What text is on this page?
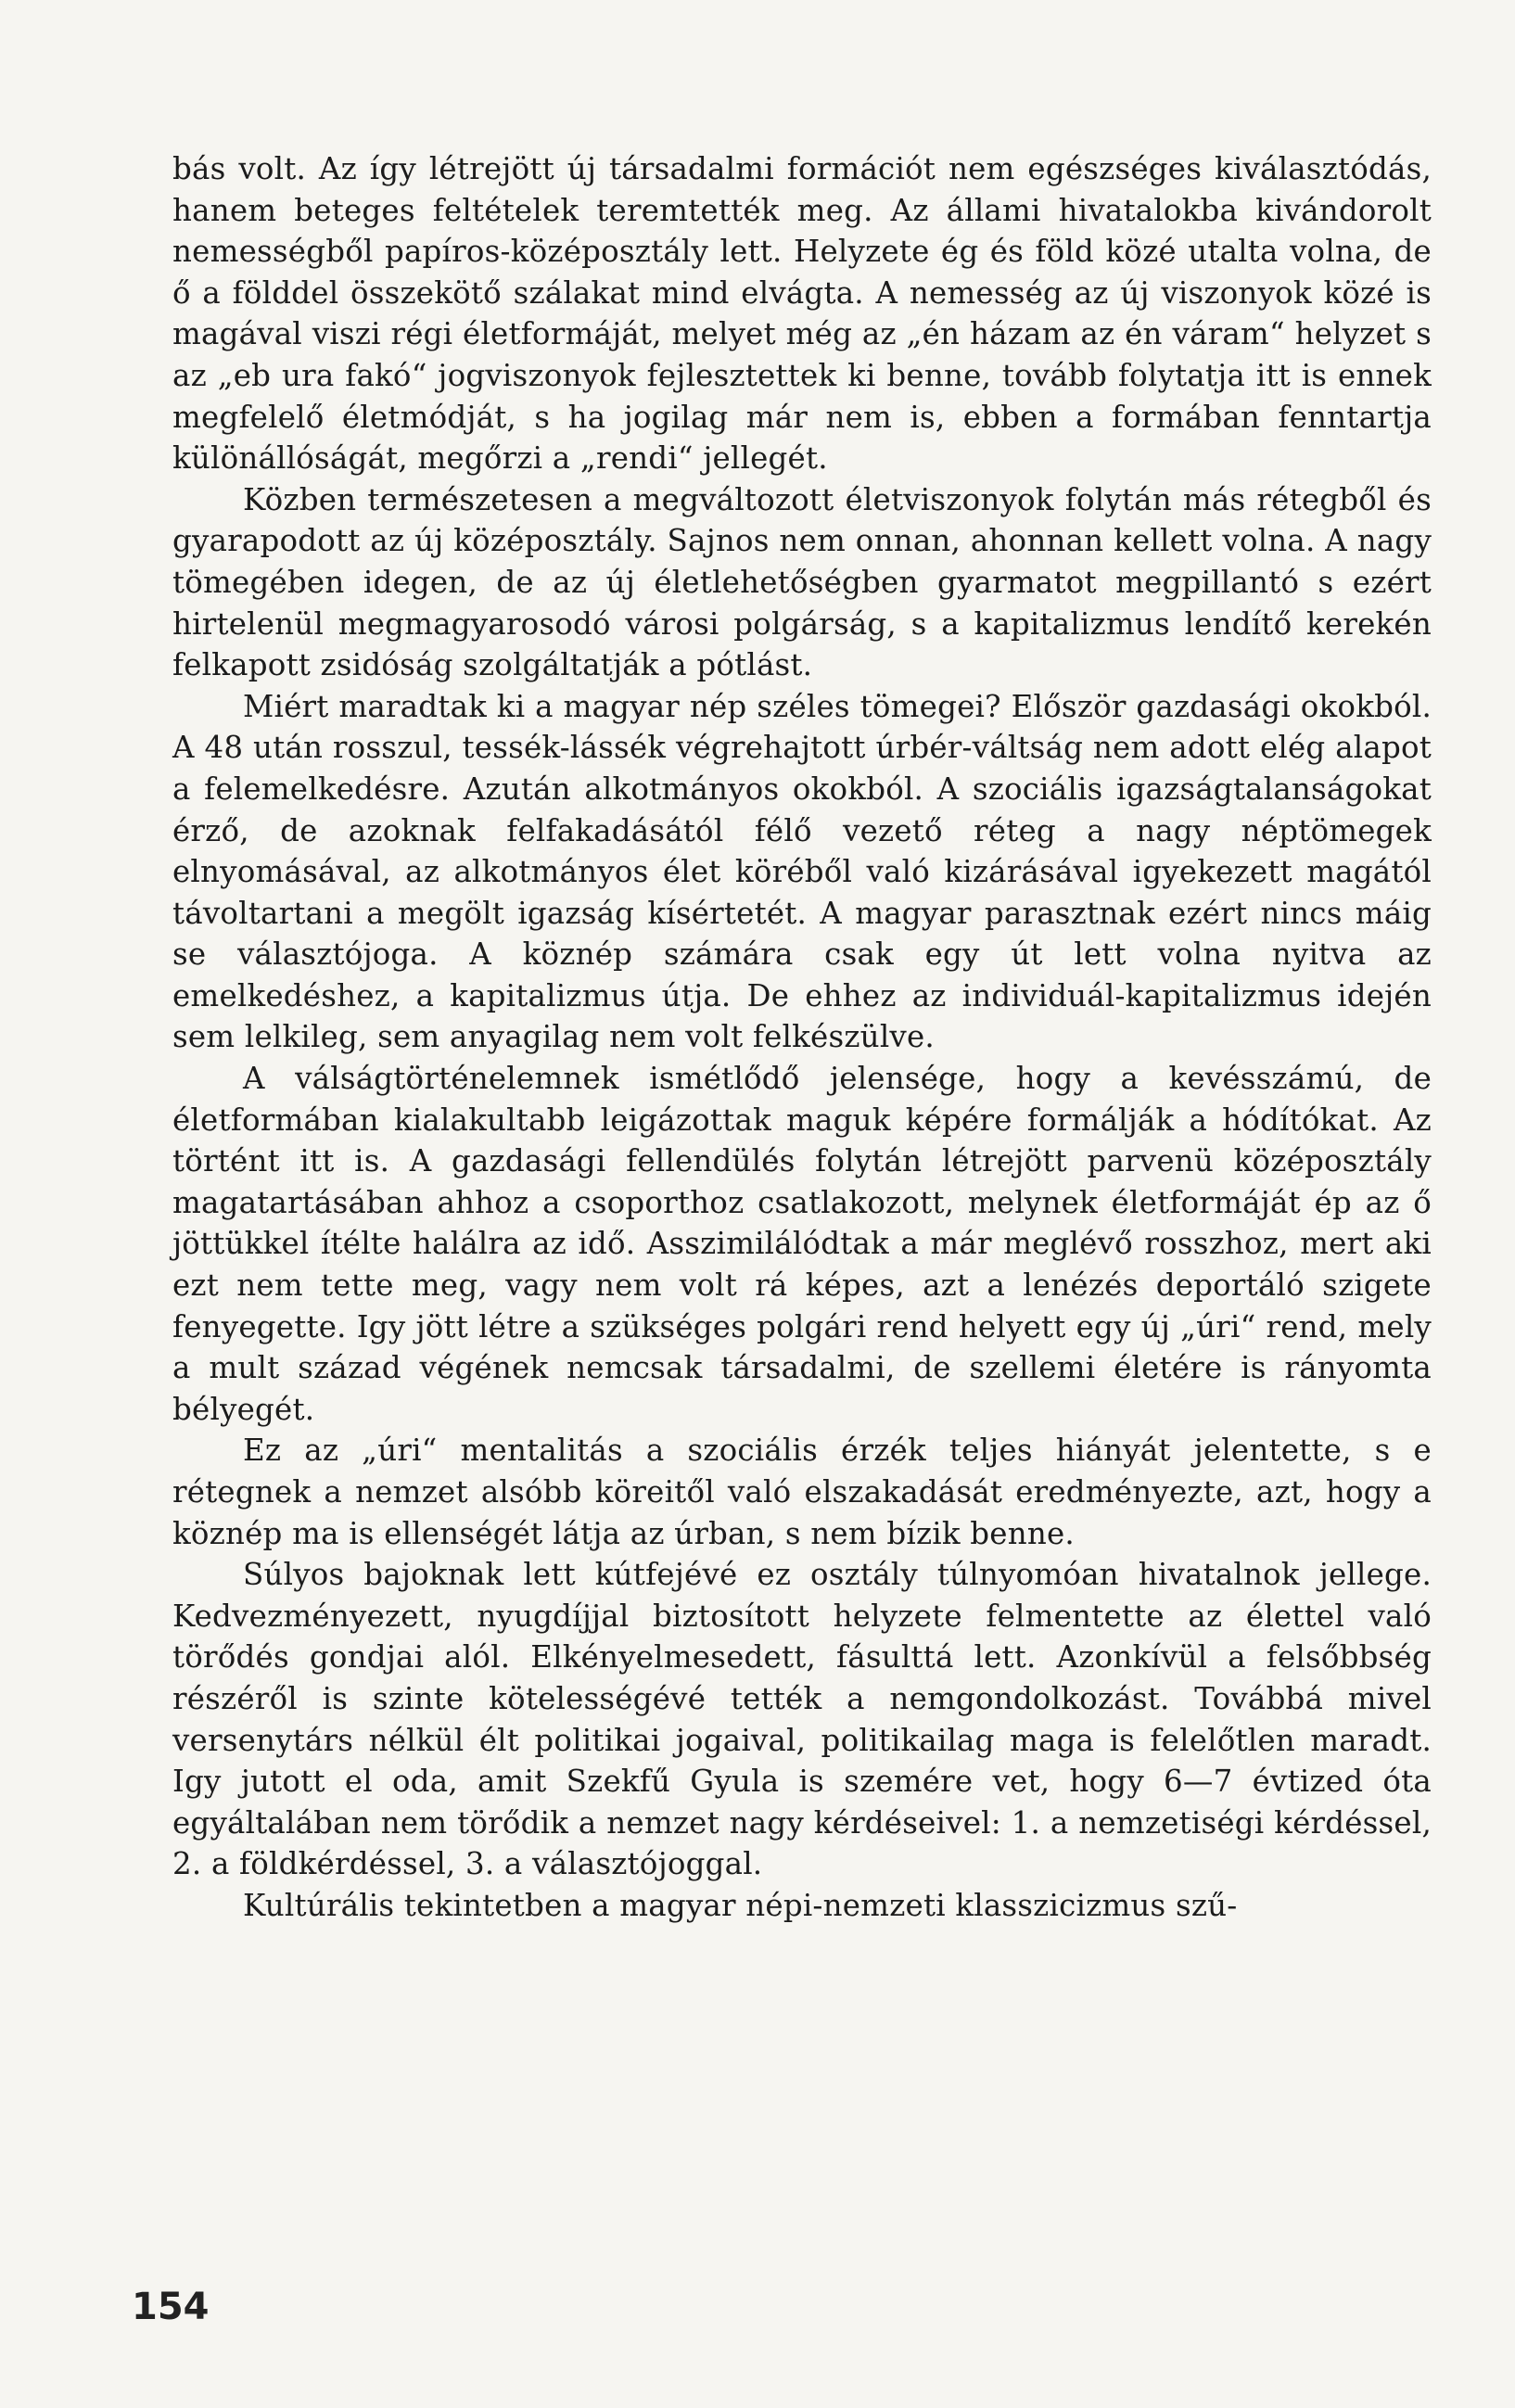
bás volt. Az így létrejött új társadalmi formációt nem egészséges kiválasztódás, hanem beteges feltételek teremtették meg. Az állami hivatalokba kivándorolt nemességből papíros-középosztály lett. Helyzete ég és föld közé utalta volna, de ő a földdel összekötő szálakat mind elvágta. A nemesség az új viszonyok közé is magával viszi régi életformáját, melyet még az „én házam az én váram“ helyzet s az „eb ura fakó“ jogviszonyok fejlesztettek ki benne, tovább folytatja itt is ennek megfelelő életmódját, s ha jogilag már nem is, ebben a formában fenntartja különállóságát, megőrzi a „rendi“ jellegét.

Közben természetesen a megváltozott életviszonyok folytán más rétegből és gyarapodott az új középosztály. Sajnos nem onnan, ahonnan kellett volna. A nagy tömegében idegen, de az új életlehetőségben gyarmatot megpillantó s ezért hirtelenül megmagyarosodó városi polgárság, s a kapitalizmus lendítő kerekén felkapott zsidóság szolgáltatják a pótlást.

Miért maradtak ki a magyar nép széles tömegei? Először gazdasági okokból. A 48 után rosszul, tessék-lássék végrehajtott úrbér-váltság nem adott elég alapot a felemelkedésre. Azután alkotmányos okokból. A szociális igazságtalanságokat érző, de azoknak felfakadásától félő vezető réteg a nagy néptömegek elnyomásával, az alkotmányos élet köréből való kizárásával igyekezett magától távoltartani a megölt igazság kísértetét. A magyar parasztnak ezért nincs máig se választójoga. A köznép számára csak egy út lett volna nyitva az emelkedéshez, a kapitalizmus útja. De ehhez az individuál-kapitalizmus idején sem lelkileg, sem anyagilag nem volt felkészülve.

A válságtörténelemnek ismétlődő jelensége, hogy a kevésszámú, de életformában kialakultabb leigázottak maguk képére formálják a hódítókat. Az történt itt is. A gazdasági fellendülés folytán létrejött parvenü középosztály magatartásában ahhoz a csoporthoz csatlakozott, melynek életformáját ép az ő jöttükkel ítélte halálra az idő. Asszimilálódtak a már meglévő rosszhoz, mert aki ezt nem tette meg, vagy nem volt rá képes, azt a lenézés deportáló szigete fenyegette. Igy jött létre a szükséges polgári rend helyett egy új „úri“ rend, mely a mult század végének nemcsak társadalmi, de szellemi életére is rányomta bélyegét.

Ez az „úri“ mentalitás a szociális érzék teljes hiányát jelentette, s e rétegnek a nemzet alsóbb köreitől való elszakadását eredményezte, azt, hogy a köznép ma is ellenségét látja az úrban, s nem bízik benne.

Súlyos bajoknak lett kútfejévé ez osztály túlnyomóan hivatalnok jellege. Kedvezményezett, nyugdíjjal biztosított helyzete felmentette az élettel való törődés gondjai alól. Elkényelmesedett, fásulttá lett. Azonkívül a felsőbbség részéről is szinte kötelességévé tették a nemgondolkozást. Továbbá mivel versenytárs nélkül élt politikai jogaival, politikailag maga is felelőtlen maradt. Igy jutott el oda, amit Szekfű Gyula is szemére vet, hogy 6—7 évtized óta egyáltalában nem törődik a nemzet nagy kérdéseivel: 1. a nemzetiségi kérdéssel, 2. a földkérdéssel, 3. a választójoggal.

Kultúrális tekintetben a magyar népi-nemzeti klasszicizmus szű-

154
